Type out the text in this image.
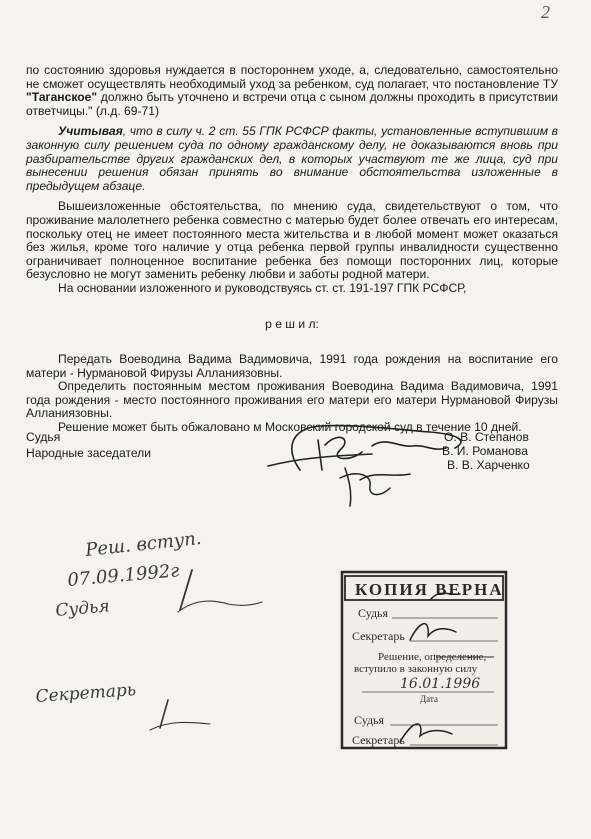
2

по состоянию здоровья нуждается в постороннем уходе, а, следовательно, самостоятельно не сможет осуществлять необходимый уход за ребенком, суд полагает, что постановление ТУ "Таганское" должно быть уточнено и встречи отца с сыном должны проходить в присутствии ответчицы." (л.д. 69-71)

Учитывая, что в силу ч. 2 ст. 55 ГПК РСФСР факты, установленные вступившим в законную силу решением суда по одному гражданскому делу, не доказываются вновь при разбирательстве других гражданских дел, в которых участвуют те же лица, суд при вынесении решения обязан принять во внимание обстоятельства изложенные в предыдущем абзаце.

Вышеизложенные обстоятельства, по мнению суда, свидетельствуют о том, что проживание малолетнего ребенка совместно с матерью будет более отвечать его интересам, поскольку отец не имеет постоянного места жительства и в любой момент может оказаться без жилья, кроме того наличие у отца ребенка первой группы инвалидности существенно ограничивает полноценное воспитание ребенка без помощи посторонних лиц, которые безусловно не могут заменить ребенку любви и заботы родной матери.

На основании изложенного и руководствуясь ст. ст. 191-197 ГПК РСФСР,

р е ш и л:

Передать Воеводина Вадима Вадимовича, 1991 года рождения на воспитание его матери - Нурмановой Фирузы Алланиязовны.

Определить постоянным местом проживания Воеводина Вадима Вадимовича, 1991 года рождения - место постоянного проживания его матери его матери Нурмановой Фирузы Алланиязовны.

Решение может быть обжаловано м Московский городской суд в течение 10 дней.

Судья
Народные заседатели
О. В. Степанов
В. И. Романова
В. В. Харченко
Реш. вступ.
07.09.1992г
Судья
Секретарь
КОПИЯ ВЕРНА
Судья
Секретарь
Решение, определение,
вступило в законную силу
16.01.1996
Дата
Судья
Секретарь
